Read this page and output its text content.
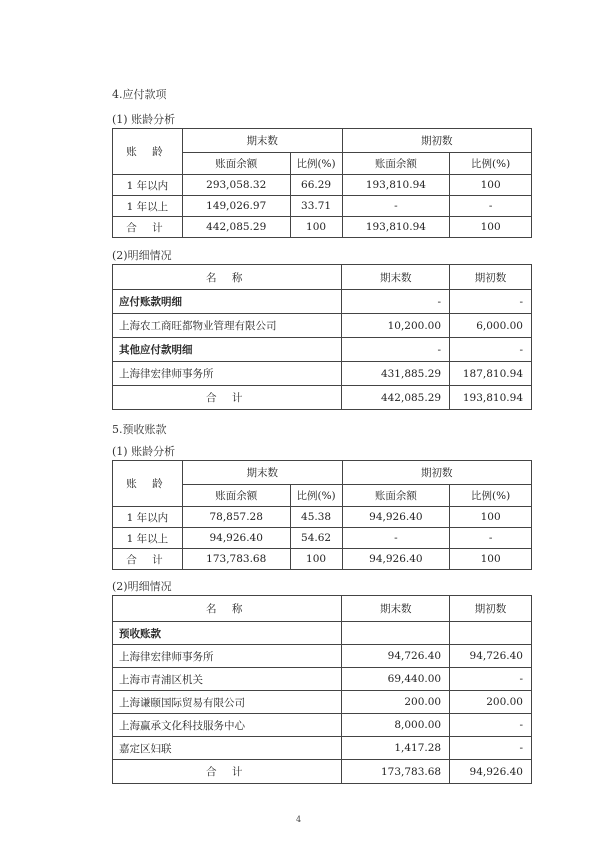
4.应付款项
(1) 账龄分析
账 龄	期末数		期初数	
	账面余额	比例(%)	账面余额	比例(%)
1 年以内	293,058.32	66.29	193,810.94	100
1 年以上	149,026.97	33.71	-	-
合 计	442,085.29	100	193,810.94	100
(2)明细情况
名 称	期末数	期初数
应付账款明细	-	-
上海农工商旺都物业管理有限公司	10,200.00	6,000.00
其他应付款明细	-	-
上海律宏律师事务所	431,885.29	187,810.94
合 计	442,085.29	193,810.94
5.预收账款
(1) 账龄分析
账 龄	期末数		期初数	
	账面余额	比例(%)	账面余额	比例(%)
1 年以内	78,857.28	45.38	94,926.40	100
1 年以上	94,926.40	54.62	-	-
合 计	173,783.68	100	94,926.40	100
(2)明细情况
名 称	期末数	期初数
预收账款		
上海律宏律师事务所	94,726.40	94,726.40
上海市青浦区机关	69,440.00	-
上海谦颐国际贸易有限公司	200.00	200.00
上海赢承文化科技服务中心	8,000.00	-
嘉定区妇联	1,417.28	-
合 计	173,783.68	94,926.40
4
